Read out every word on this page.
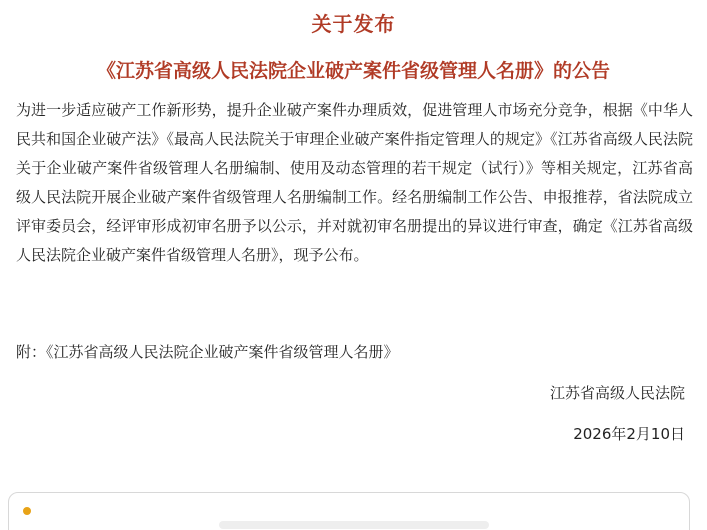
关于发布
《江苏省高级人民法院企业破产案件省级管理人名册》的公告
为进一步适应破产工作新形势，提升企业破产案件办理质效，促进管理人市场充分竞争，根据《中华人民共和国企业破产法》《最高人民法院关于审理企业破产案件指定管理人的规定》《江苏省高级人民法院关于企业破产案件省级管理人名册编制、使用及动态管理的若干规定（试行）》等相关规定，江苏省高级人民法院开展企业破产案件省级管理人名册编制工作。经名册编制工作公告、申报推荐，省法院成立评审委员会，经评审形成初审名册予以公示，并对就初审名册提出的异议进行审查，确定《江苏省高级人民法院企业破产案件省级管理人名册》，现予公布。
附：《江苏省高级人民法院企业破产案件省级管理人名册》
江苏省高级人民法院
2026年2月10日
